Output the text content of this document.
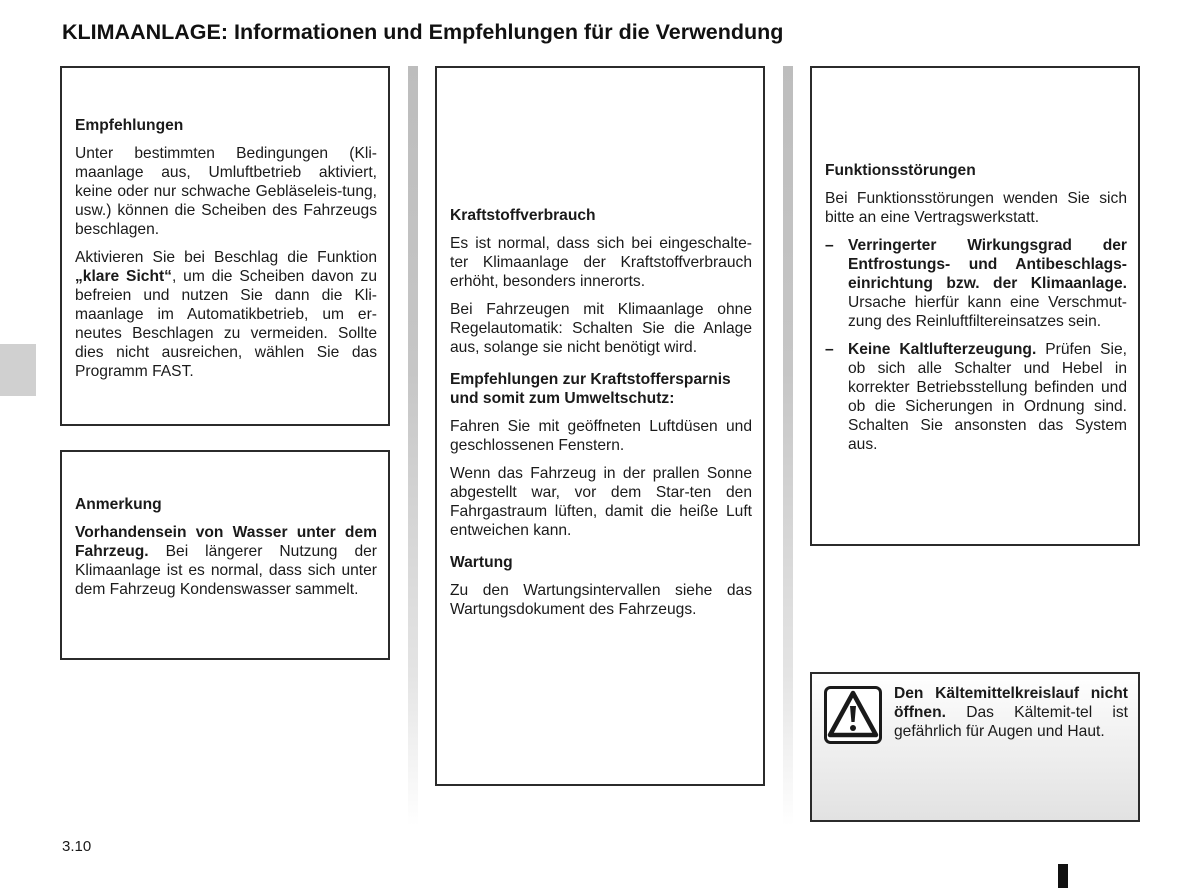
KLIMAANLAGE: Informationen und Empfehlungen für die Verwendung
Empfehlungen

Unter bestimmten Bedingungen (Kli-maanlage aus, Umluftbetrieb aktiviert, keine oder nur schwache Gebläseleis-tung, usw.) können die Scheiben des Fahrzeugs beschlagen.

Aktivieren Sie bei Beschlag die Funktion „klare Sicht“, um die Scheiben davon zu befreien und nutzen Sie dann die Kli-maanlage im Automatikbetrieb, um er-neutes Beschlagen zu vermeiden. Sollte dies nicht ausreichen, wählen Sie das Programm FAST.

Anmerkung

Vorhandensein von Wasser unter dem Fahrzeug. Bei längerer Nutzung der Klimaanlage ist es normal, dass sich unter dem Fahrzeug Kondenswasser sammelt.

Kraftstoffverbrauch

Es ist normal, dass sich bei eingeschalte-ter Klimaanlage der Kraftstoffverbrauch erhöht, besonders innerorts.

Bei Fahrzeugen mit Klimaanlage ohne Regelautomatik: Schalten Sie die Anlage aus, solange sie nicht benötigt wird.

Empfehlungen zur Kraftstoffersparnis und somit zum Umweltschutz:

Fahren Sie mit geöffneten Luftdüsen und geschlossenen Fenstern.

Wenn das Fahrzeug in der prallen Sonne abgestellt war, vor dem Star-ten den Fahrgastraum lüften, damit die heiße Luft entweichen kann.

Wartung

Zu den Wartungsintervallen siehe das Wartungsdokument des Fahrzeugs.

Funktionsstörungen

Bei Funktionsstörungen wenden Sie sich bitte an eine Vertragswerkstatt.

– Verringerter Wirkungsgrad der Entfrostungs- und Antibeschlags-einrichtung bzw. der Klimaanlage. Ursache hierfür kann eine Verschmut-zung des Reinluftfiltereinsatzes sein.
– Keine Kaltlufterzeugung. Prüfen Sie, ob sich alle Schalter und Hebel in korrekter Betriebsstellung befinden und ob die Sicherungen in Ordnung sind. Schalten Sie ansonsten das System aus.

Den Kältemittelkreislauf nicht öffnen. Das Kältemit-tel ist gefährlich für Augen und Haut.

3.10
